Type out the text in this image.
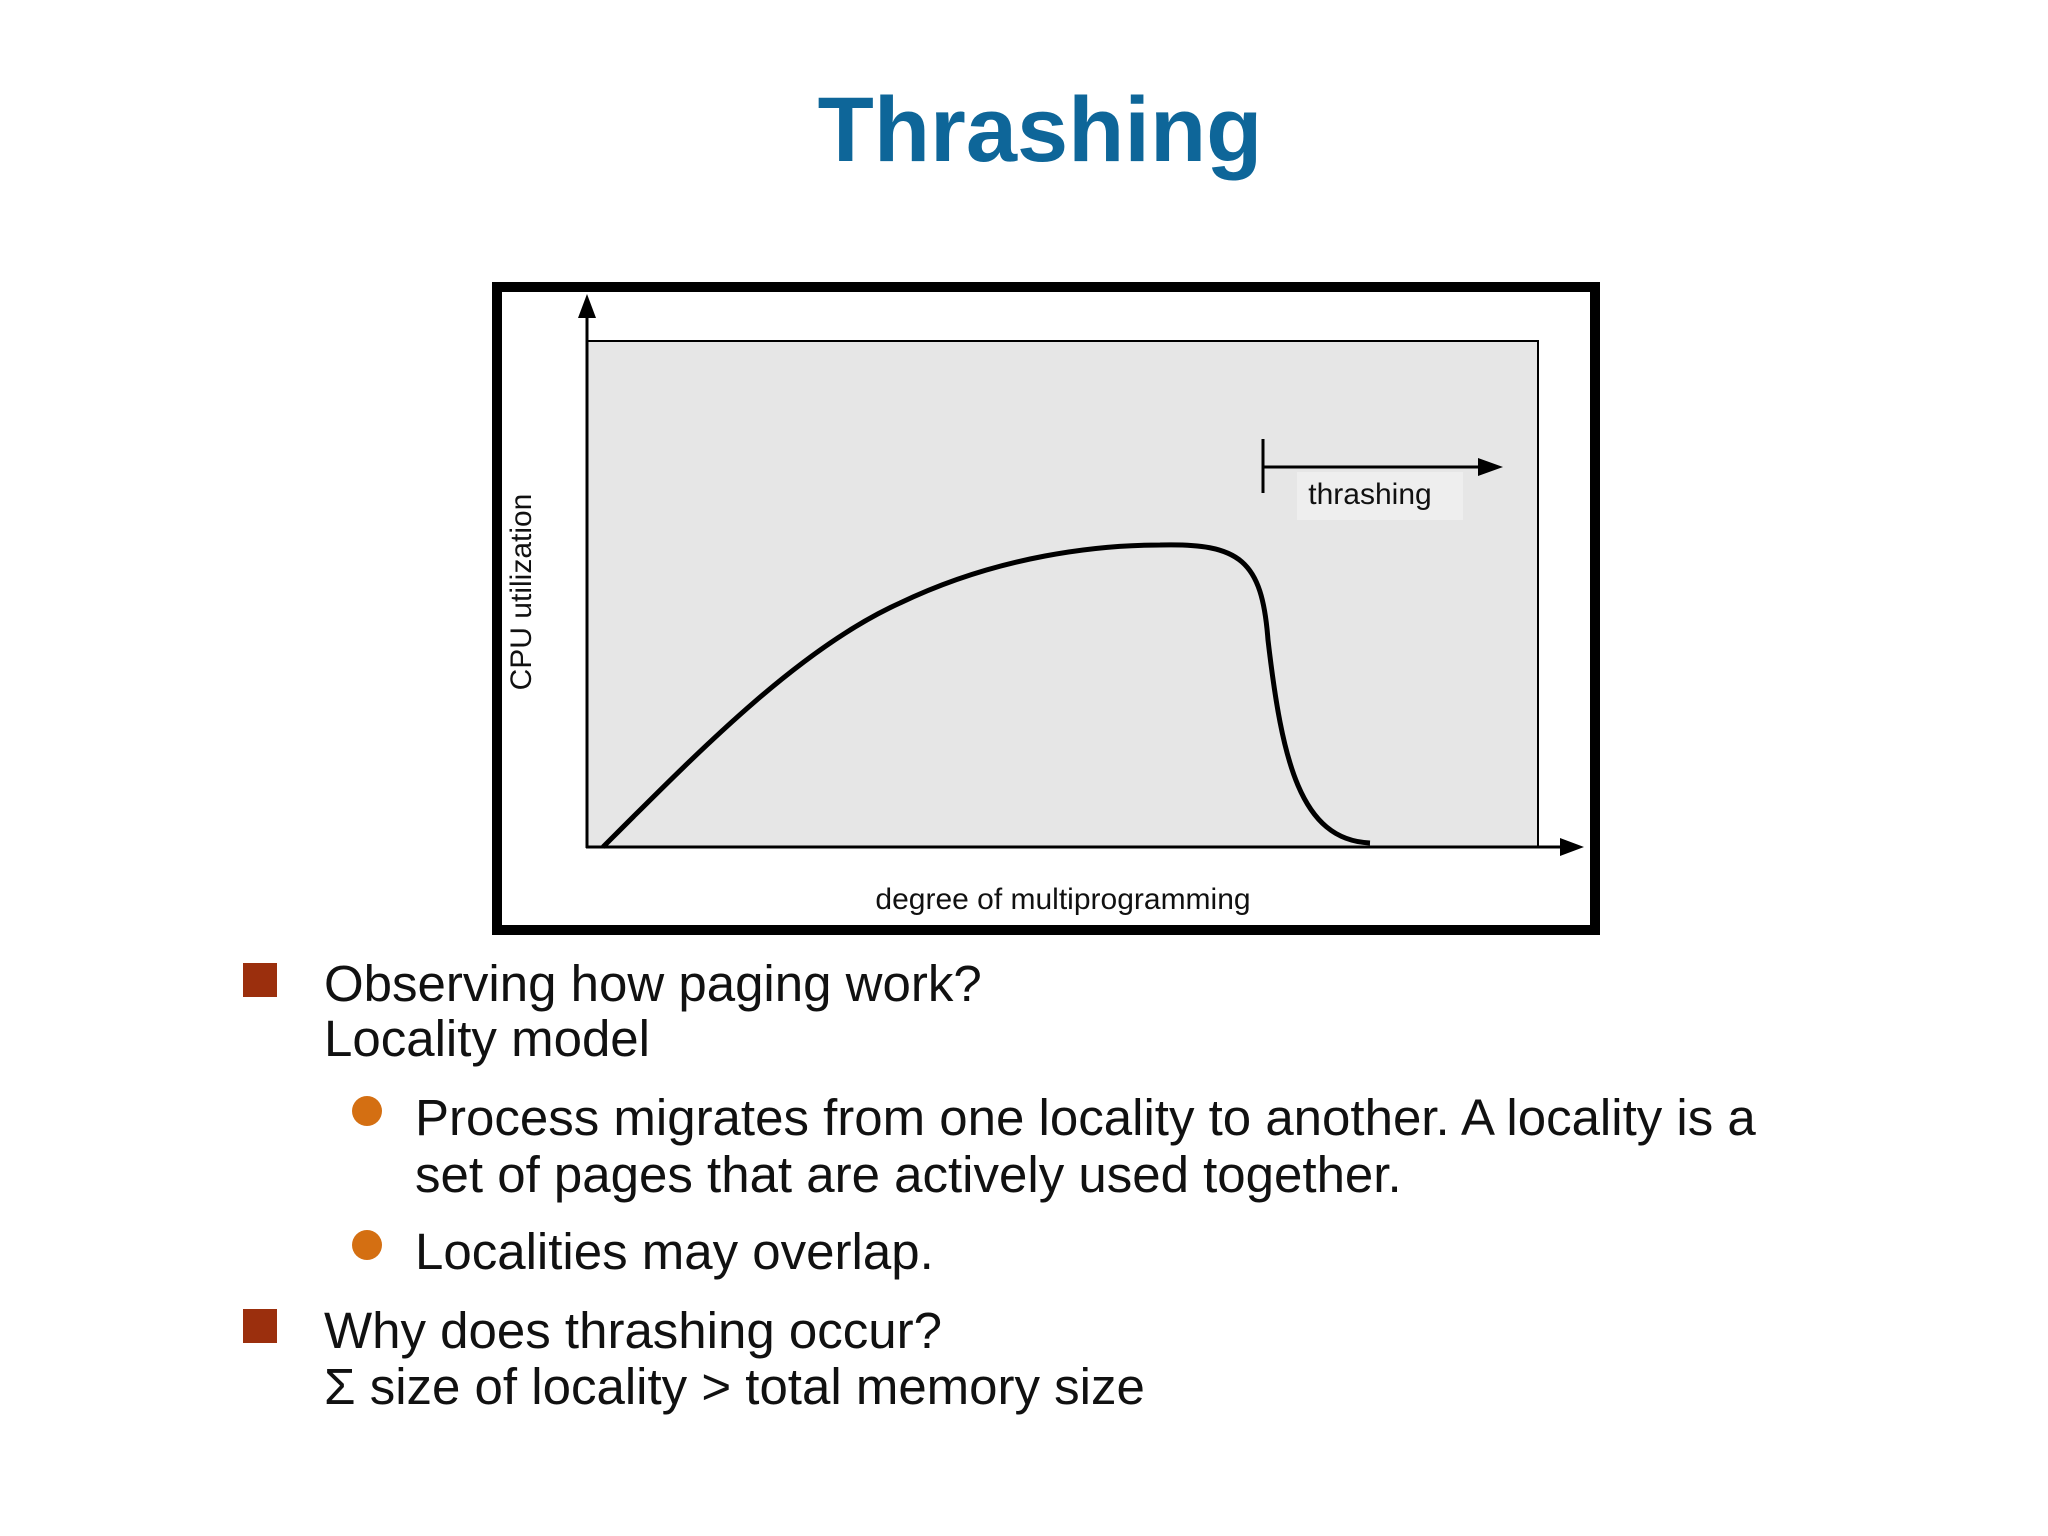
Thrashing
thrashing
CPU utilization
degree of multiprogramming
Observing how paging work?
Locality model
Process migrates from one locality to another. A locality is a
set of pages that are actively used together.
Localities may overlap.
Why does thrashing occur?
Σ size of locality > total memory size
